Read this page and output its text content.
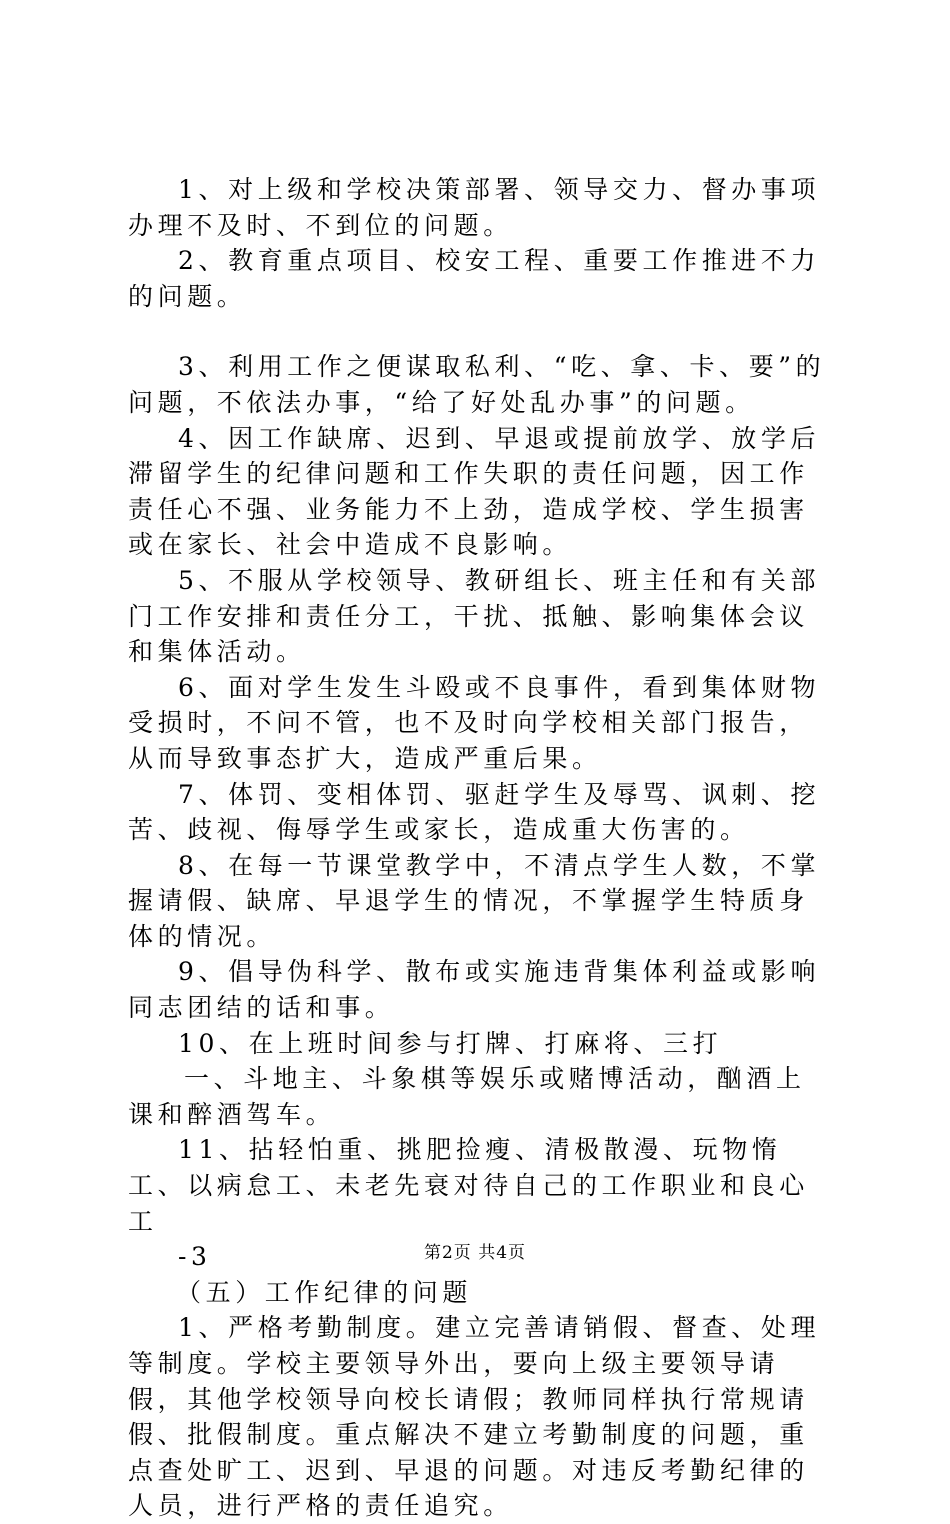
1、对上级和学校决策部署、领导交力、督办事项办理不及时、不到位的问题。

2、教育重点项目、校安工程、重要工作推进不力的问题。

3、利用工作之便谋取私利、“吃、拿、卡、要”的问题，不依法办事，“给了好处乱办事”的问题。

4、因工作缺席、迟到、早退或提前放学、放学后滞留学生的纪律问题和工作失职的责任问题，因工作责任心不强、业务能力不上劲，造成学校、学生损害或在家长、社会中造成不良影响。

5、不服从学校领导、教研组长、班主任和有关部门工作安排和责任分工，干扰、抵触、影响集体会议和集体活动。

6、面对学生发生斗殴或不良事件，看到集体财物受损时，不问不管，也不及时向学校相关部门报告，从而导致事态扩大，造成严重后果。

7、体罚、变相体罚、驱赶学生及辱骂、讽刺、挖苦、歧视、侮辱学生或家长，造成重大伤害的。

8、在每一节课堂教学中，不清点学生人数，不掌握请假、缺席、早退学生的情况，不掌握学生特质身体的情况。

9、倡导伪科学、散布或实施违背集体利益或影响同志团结的话和事。

10、在上班时间参与打牌、打麻将、三打

一、斗地主、斗象棋等娱乐或赌博活动，酗酒上课和醉酒驾车。

11、拈轻怕重、挑肥捡瘦、清极散漫、玩物惰工、以病怠工、未老先衰对待自己的工作职业和良心工

-3

（五）工作纪律的问题

1、严格考勤制度。建立完善请销假、督查、处理等制度。学校主要领导外出，要向上级主要领导请假，其他学校领导向校长请假；教师同样执行常规请假、批假制度。重点解决不建立考勤制度的问题，重点查处旷工、迟到、早退的问题。对违反考勤纪律的人员，进行严格的责任追究。

第2页 共4页
